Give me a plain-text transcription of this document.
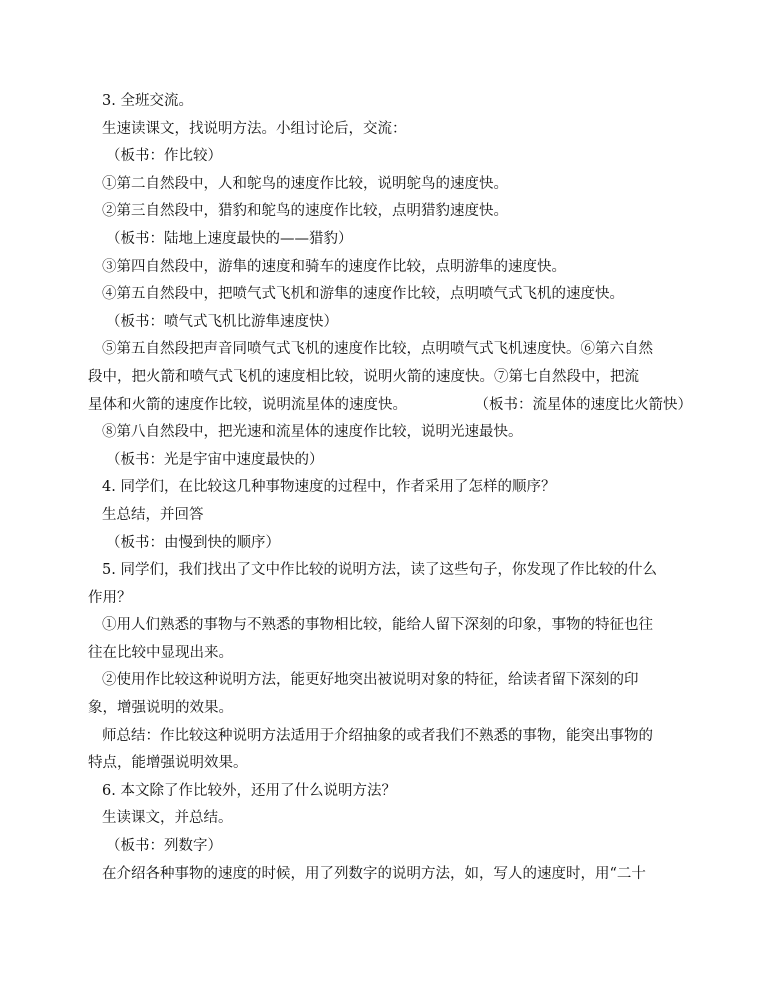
3. 全班交流。
生速读课文，找说明方法。小组讨论后，交流：
（板书：作比较）
①第二自然段中，人和鸵鸟的速度作比较，说明鸵鸟的速度快。
②第三自然段中，猎豹和鸵鸟的速度作比较，点明猎豹速度快。
（板书：陆地上速度最快的——猎豹）
③第四自然段中，游隼的速度和骑车的速度作比较，点明游隼的速度快。
④第五自然段中，把喷气式飞机和游隼的速度作比较，点明喷气式飞机的速度快。
（板书：喷气式飞机比游隼速度快）
⑤第五自然段把声音同喷气式飞机的速度作比较，点明喷气式飞机速度快。⑥第六自然
段中，把火箭和喷气式飞机的速度相比较，说明火箭的速度快。⑦第七自然段中，把流
星体和火箭的速度作比较，说明流星体的速度快。	（板书：流星体的速度比火箭快）
⑧第八自然段中，把光速和流星体的速度作比较，说明光速最快。
（板书：光是宇宙中速度最快的）
4. 同学们，在比较这几种事物速度的过程中，作者采用了怎样的顺序？
生总结，并回答
（板书：由慢到快的顺序）
5. 同学们，我们找出了文中作比较的说明方法，读了这些句子，你发现了作比较的什么
作用？
①用人们熟悉的事物与不熟悉的事物相比较，能给人留下深刻的印象，事物的特征也往
往在比较中显现出来。
②使用作比较这种说明方法，能更好地突出被说明对象的特征，给读者留下深刻的印
象，增强说明的效果。
师总结：作比较这种说明方法适用于介绍抽象的或者我们不熟悉的事物，能突出事物的
特点，能增强说明效果。
6. 本文除了作比较外，还用了什么说明方法？
生读课文，并总结。
（板书：列数字）
在介绍各种事物的速度的时候，用了列数字的说明方法，如，写人的速度时，用“二十
